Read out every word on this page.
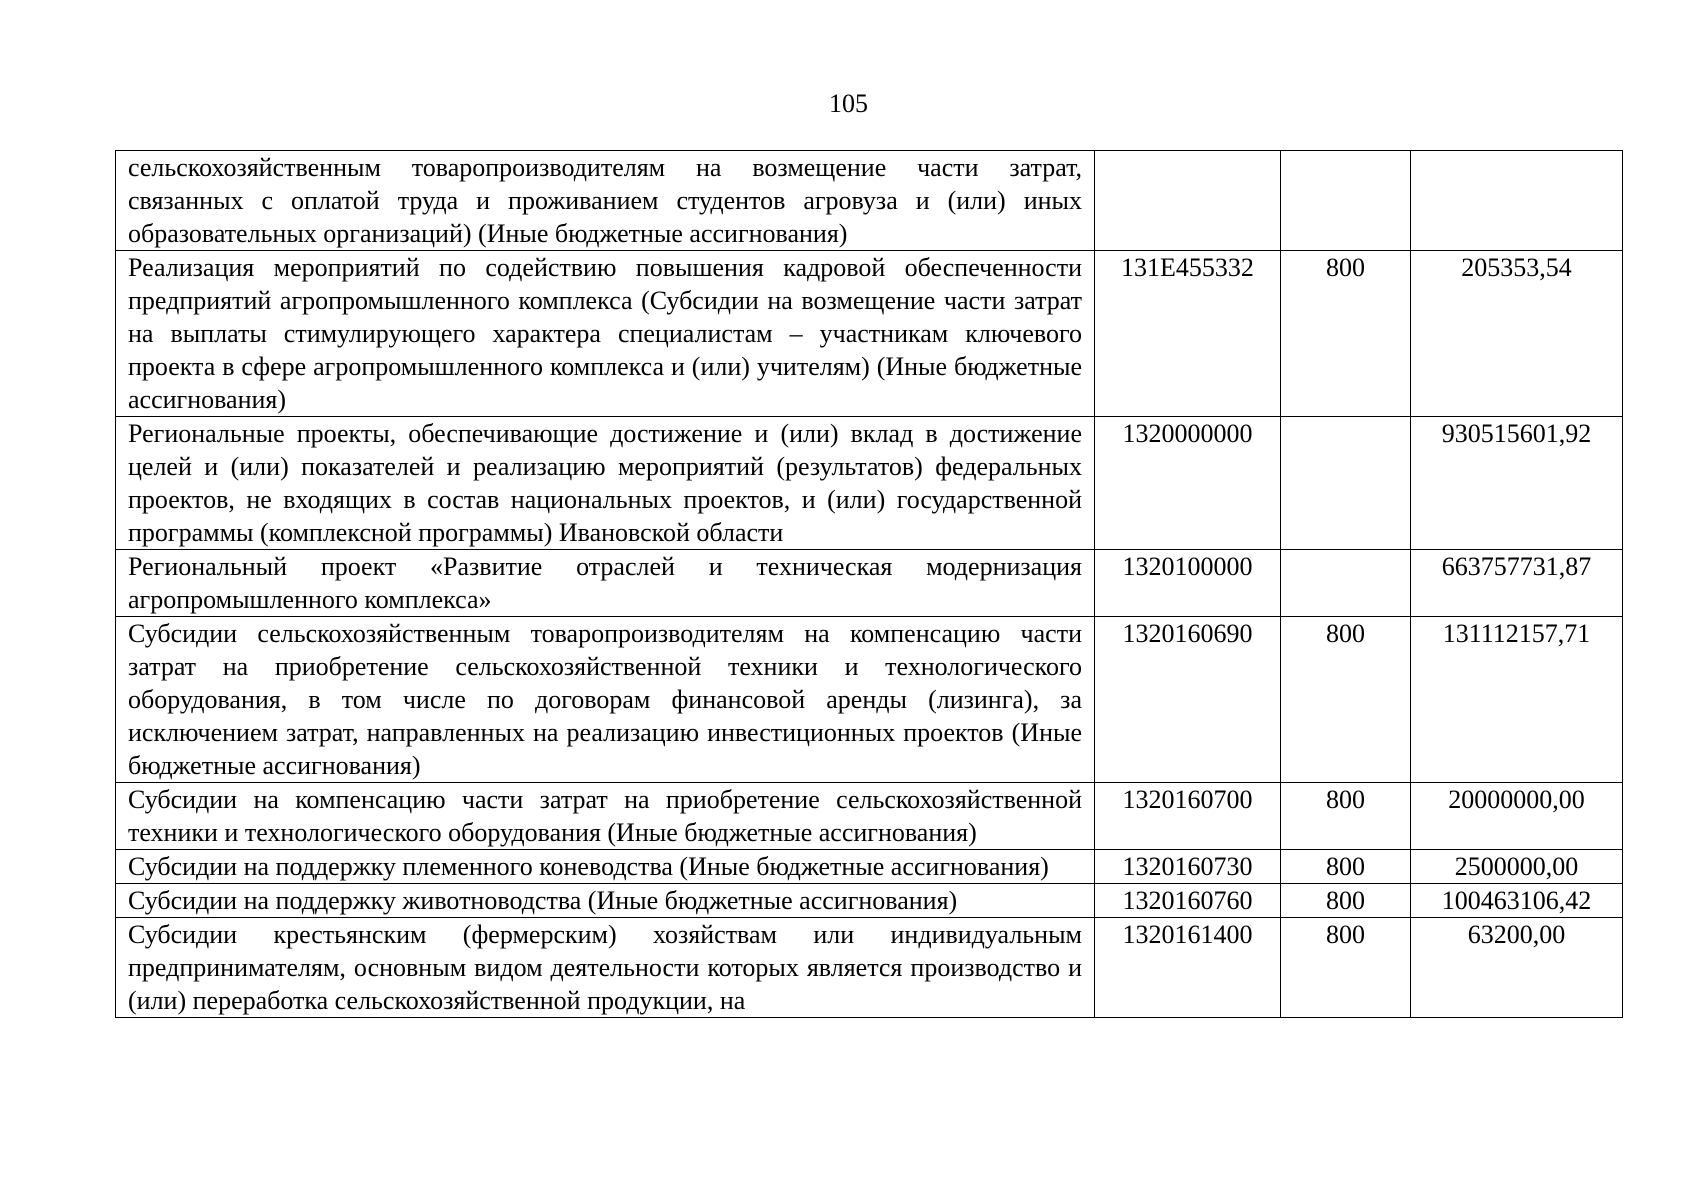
105
сельскохозяйственным товаропроизводителям на возмещение части затрат, связанных с оплатой труда и проживанием студентов агровуза и (или) иных образовательных организаций) (Иные бюджетные ассигнования)			
Реализация мероприятий по содействию повышения кадровой обеспеченности предприятий агропромышленного комплекса (Субсидии на возмещение части затрат на выплаты стимулирующего характера специалистам – участникам ключевого проекта в сфере агропромышленного комплекса и (или) учителям) (Иные бюджетные ассигнования)	131Е455332	800	205353,54
Региональные проекты, обеспечивающие достижение и (или) вклад в достижение целей и (или) показателей и реализацию мероприятий (результатов) федеральных проектов, не входящих в состав национальных проектов, и (или) государственной программы (комплексной программы) Ивановской области	1320000000		930515601,92
Региональный проект «Развитие отраслей и техническая модернизация агропромышленного комплекса»	1320100000		663757731,87
Субсидии сельскохозяйственным товаропроизводителям на компенсацию части затрат на приобретение сельскохозяйственной техники и технологического оборудования, в том числе по договорам финансовой аренды (лизинга), за исключением затрат, направленных на реализацию инвестиционных проектов (Иные бюджетные ассигнования)	1320160690	800	131112157,71
Субсидии на компенсацию части затрат на приобретение сельскохозяйственной техники и технологического оборудования (Иные бюджетные ассигнования)	1320160700	800	20000000,00
Субсидии на поддержку племенного коневодства (Иные бюджетные ассигнования)	1320160730	800	2500000,00
Субсидии на поддержку животноводства (Иные бюджетные ассигнования)	1320160760	800	100463106,42
Субсидии крестьянским (фермерским) хозяйствам или индивидуальным предпринимателям, основным видом деятельности которых является производство и (или) переработка сельскохозяйственной продукции, на	1320161400	800	63200,00
